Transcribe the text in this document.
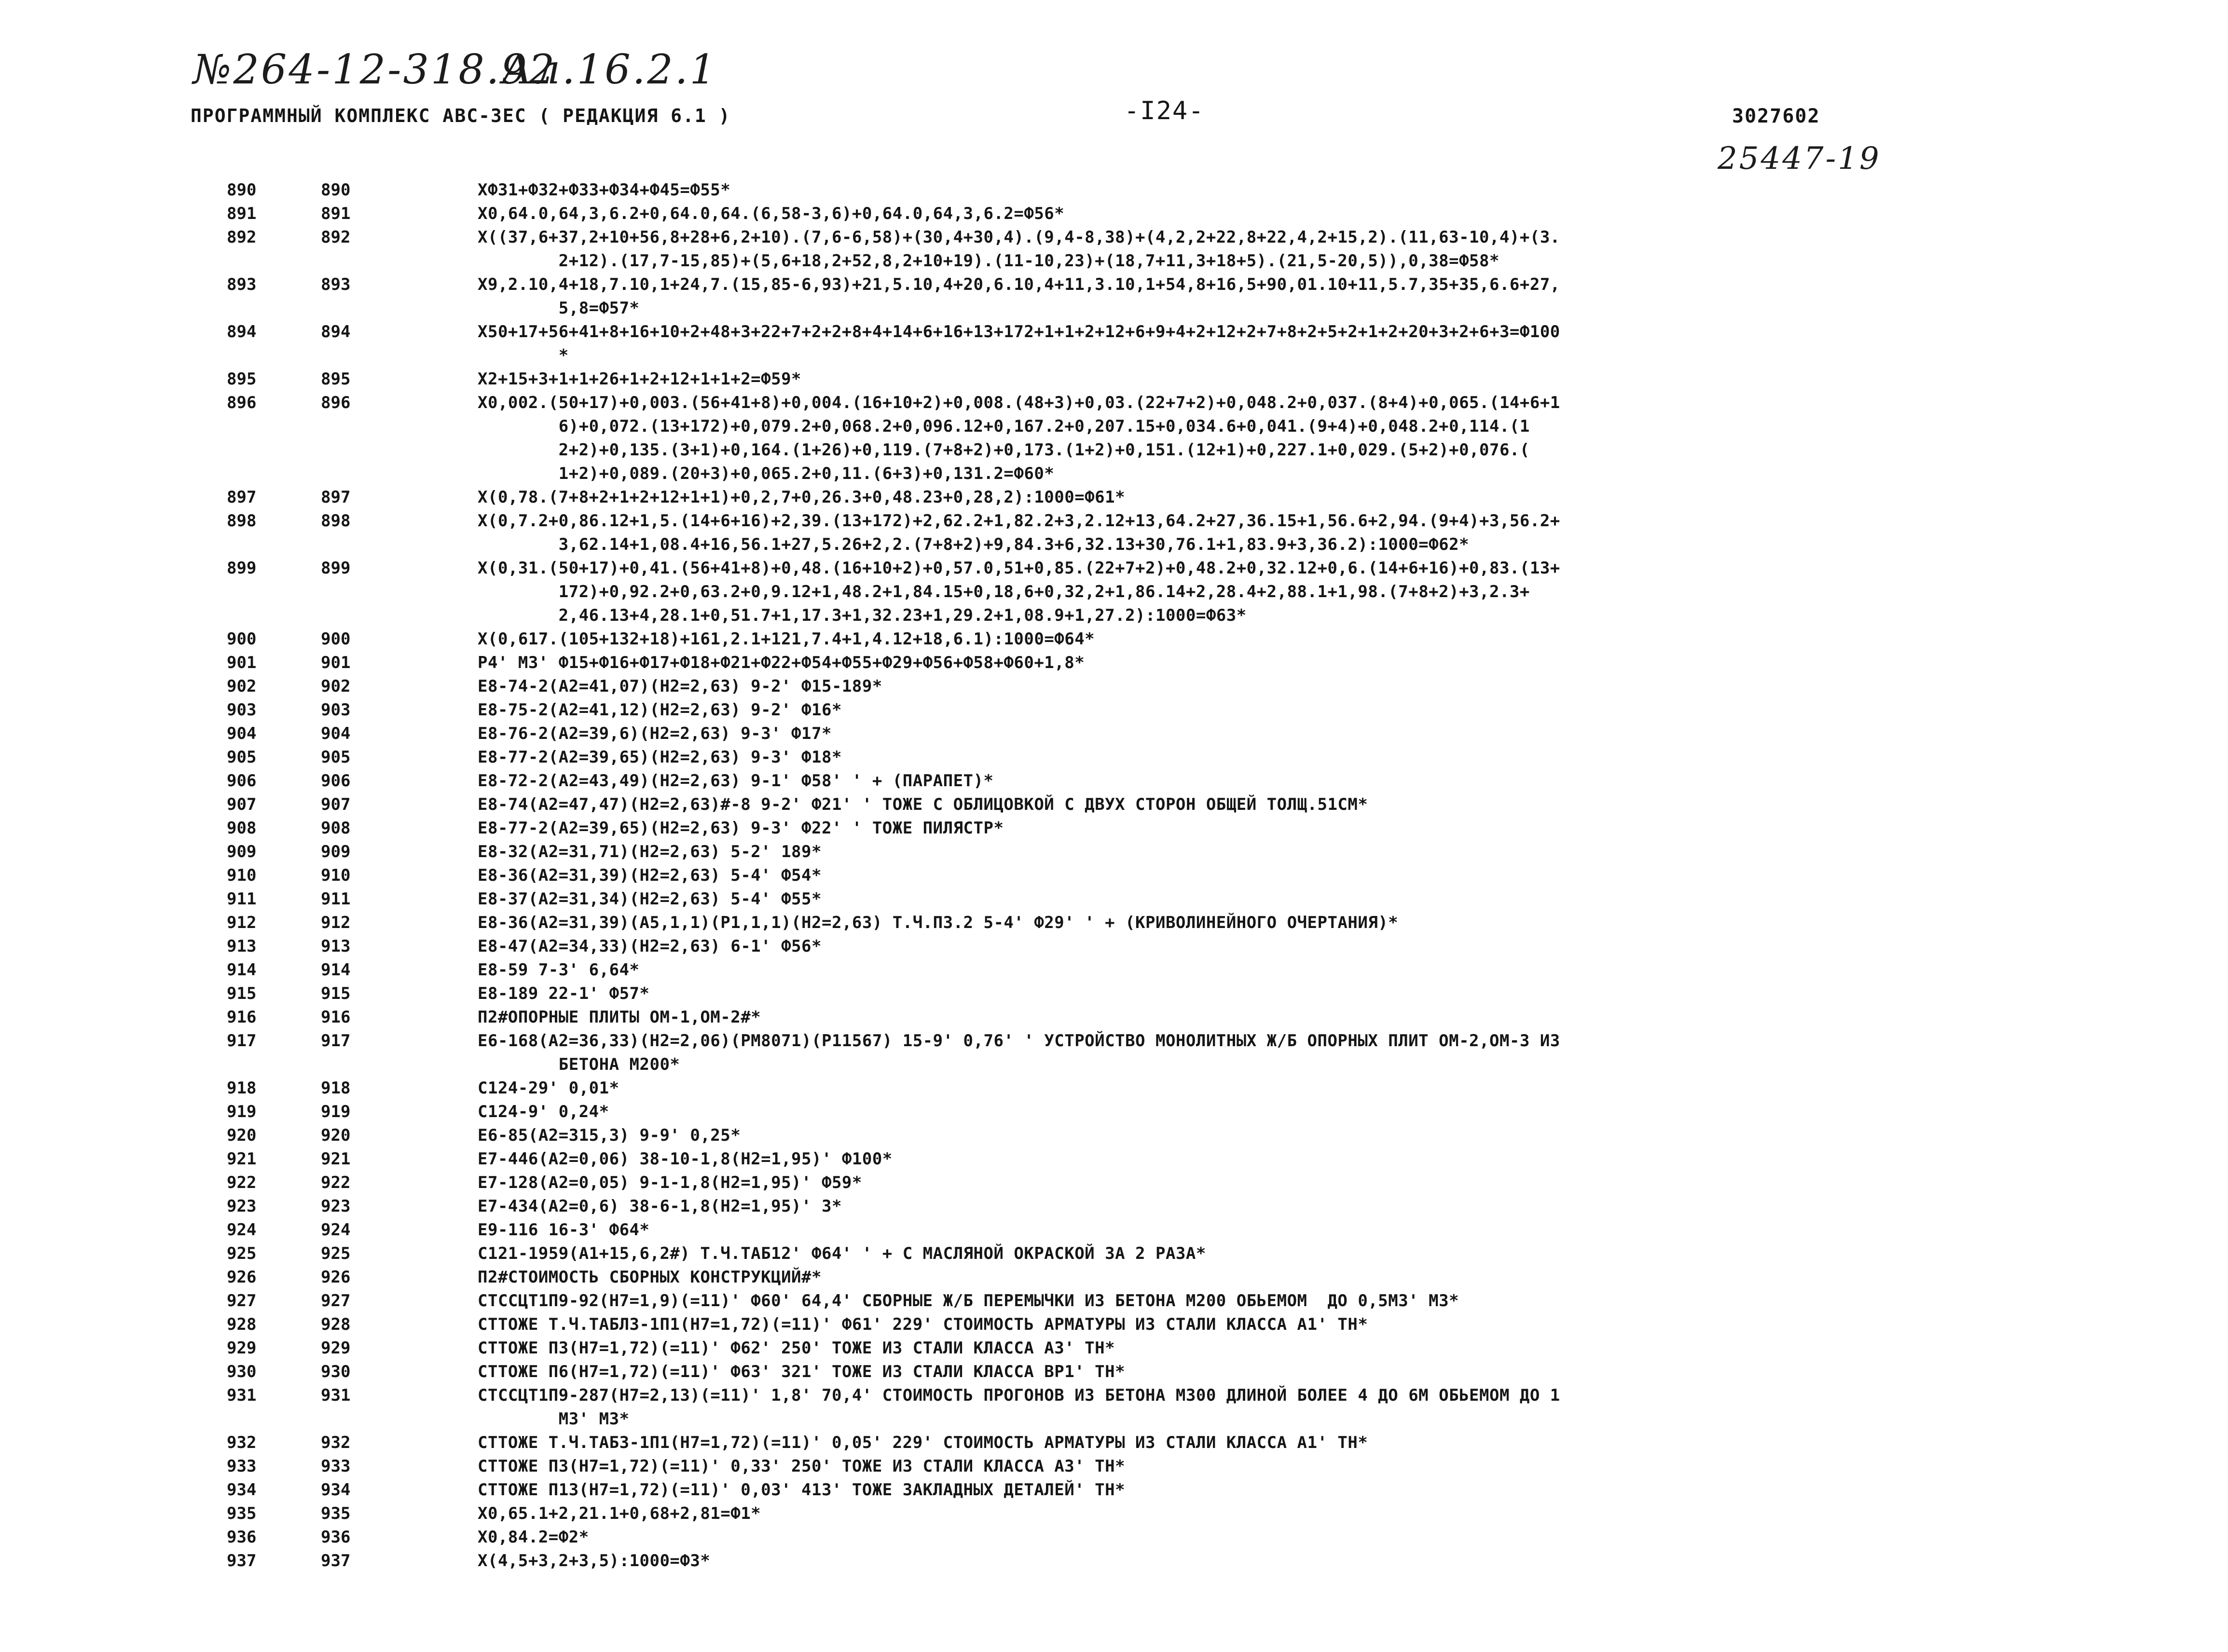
№264-12-318.92
Ал.16.2.1
ПРОГРАММНЫЙ КОМПЛЕКС АВС-ЗЕС ( РЕДАКЦИЯ 6.1 )	-I24-	3027602
25447-19
890	890	ХФ31+Ф32+Ф33+Ф34+Ф45=Ф55*
891	891	Х0,64.0,64,3,6.2+0,64.0,64.(6,58-3,6)+0,64.0,64,3,6.2=Ф56*
892	892	Х((37,6+37,2+10+56,8+28+6,2+10).(7,6-6,58)+(30,4+30,4).(9,4-8,38)+(4,2,2+22,8+22,4,2+15,2).(11,63-10,4)+(3.
2+12).(17,7-15,85)+(5,6+18,2+52,8,2+10+19).(11-10,23)+(18,7+11,3+18+5).(21,5-20,5)),0,38=Ф58*
893	893	Х9,2.10,4+18,7.10,1+24,7.(15,85-6,93)+21,5.10,4+20,6.10,4+11,3.10,1+54,8+16,5+90,01.10+11,5.7,35+35,6.6+27,
5,8=Ф57*
894	894	Х50+17+56+41+8+16+10+2+48+3+22+7+2+2+8+4+14+6+16+13+172+1+1+2+12+6+9+4+2+12+2+7+8+2+5+2+1+2+20+3+2+6+3=Ф100
*
895	895	Х2+15+3+1+1+26+1+2+12+1+1+2=Ф59*
896	896	Х0,002.(50+17)+0,003.(56+41+8)+0,004.(16+10+2)+0,008.(48+3)+0,03.(22+7+2)+0,048.2+0,037.(8+4)+0,065.(14+6+1
6)+0,072.(13+172)+0,079.2+0,068.2+0,096.12+0,167.2+0,207.15+0,034.6+0,041.(9+4)+0,048.2+0,114.(1
2+2)+0,135.(3+1)+0,164.(1+26)+0,119.(7+8+2)+0,173.(1+2)+0,151.(12+1)+0,227.1+0,029.(5+2)+0,076.(
1+2)+0,089.(20+3)+0,065.2+0,11.(6+3)+0,131.2=Ф60*
897	897	Х(0,78.(7+8+2+1+2+12+1+1)+0,2,7+0,26.3+0,48.23+0,28,2):1000=Ф61*
898	898	Х(0,7.2+0,86.12+1,5.(14+6+16)+2,39.(13+172)+2,62.2+1,82.2+3,2.12+13,64.2+27,36.15+1,56.6+2,94.(9+4)+3,56.2+
3,62.14+1,08.4+16,56.1+27,5.26+2,2.(7+8+2)+9,84.3+6,32.13+30,76.1+1,83.9+3,36.2):1000=Ф62*
899	899	Х(0,31.(50+17)+0,41.(56+41+8)+0,48.(16+10+2)+0,57.0,51+0,85.(22+7+2)+0,48.2+0,32.12+0,6.(14+6+16)+0,83.(13+
172)+0,92.2+0,63.2+0,9.12+1,48.2+1,84.15+0,18,6+0,32,2+1,86.14+2,28.4+2,88.1+1,98.(7+8+2)+3,2.3+
2,46.13+4,28.1+0,51.7+1,17.3+1,32.23+1,29.2+1,08.9+1,27.2):1000=Ф63*
900	900	Х(0,617.(105+132+18)+161,2.1+121,7.4+1,4.12+18,6.1):1000=Ф64*
901	901	Р4' М3' Ф15+Ф16+Ф17+Ф18+Ф21+Ф22+Ф54+Ф55+Ф29+Ф56+Ф58+Ф60+1,8*
902	902	Е8-74-2(А2=41,07)(Н2=2,63) 9-2' Ф15-189*
903	903	Е8-75-2(А2=41,12)(Н2=2,63) 9-2' Ф16*
904	904	Е8-76-2(А2=39,6)(Н2=2,63) 9-3' Ф17*
905	905	Е8-77-2(А2=39,65)(Н2=2,63) 9-3' Ф18*
906	906	Е8-72-2(А2=43,49)(Н2=2,63) 9-1' Ф58' ' + (ПАРАПЕТ)*
907	907	Е8-74(А2=47,47)(Н2=2,63)#-8 9-2' Ф21' ' ТОЖЕ С ОБЛИЦОВКОЙ С ДВУХ СТОРОН ОБЩЕЙ ТОЛЩ.51СМ*
908	908	Е8-77-2(А2=39,65)(Н2=2,63) 9-3' Ф22' ' ТОЖЕ ПИЛЯСТР*
909	909	Е8-32(А2=31,71)(Н2=2,63) 5-2' 189*
910	910	Е8-36(А2=31,39)(Н2=2,63) 5-4' Ф54*
911	911	Е8-37(А2=31,34)(Н2=2,63) 5-4' Ф55*
912	912	Е8-36(А2=31,39)(А5,1,1)(Р1,1,1)(Н2=2,63) Т.Ч.ПЗ.2 5-4' Ф29' ' + (КРИВОЛИНЕЙНОГО ОЧЕРТАНИЯ)*
913	913	Е8-47(А2=34,33)(Н2=2,63) 6-1' Ф56*
914	914	Е8-59 7-3' 6,64*
915	915	Е8-189 22-1' Ф57*
916	916	П2#ОПОРНЫЕ ПЛИТЫ ОМ-1,ОМ-2#*
917	917	Е6-168(А2=36,33)(Н2=2,06)(РМ8071)(Р11567) 15-9' 0,76' ' УСТРОЙСТВО МОНОЛИТНЫХ Ж/Б ОПОРНЫХ ПЛИТ ОМ-2,ОМ-3 ИЗ
БЕТОНА М200*
918	918	С124-29' 0,01*
919	919	С124-9' 0,24*
920	920	Е6-85(А2=315,3) 9-9' 0,25*
921	921	Е7-446(А2=0,06) 38-10-1,8(Н2=1,95)' Ф100*
922	922	Е7-128(А2=0,05) 9-1-1,8(Н2=1,95)' Ф59*
923	923	Е7-434(А2=0,6) 38-6-1,8(Н2=1,95)' 3*
924	924	Е9-116 16-3' Ф64*
925	925	С121-1959(А1+15,6,2#) Т.Ч.ТАБ12' Ф64' ' + С МАСЛЯНОЙ ОКРАСКОЙ ЗА 2 РАЗА*
926	926	П2#СТОИМОСТЬ СБОРНЫХ КОНСТРУКЦИЙ#*
927	927	СТССЦТ1П9-92(Н7=1,9)(=11)' Ф60' 64,4' СБОРНЫЕ Ж/Б ПЕРЕМЫЧКИ ИЗ БЕТОНА М200 ОБЬЕМОМ  ДО 0,5М3' М3*
928	928	СТТОЖЕ Т.Ч.ТАБЛ3-1П1(Н7=1,72)(=11)' Ф61' 229' СТОИМОСТЬ АРМАТУРЫ ИЗ СТАЛИ КЛАССА А1' ТН*
929	929	СТТОЖЕ П3(Н7=1,72)(=11)' Ф62' 250' ТОЖЕ ИЗ СТАЛИ КЛАССА А3' ТН*
930	930	СТТОЖЕ П6(Н7=1,72)(=11)' Ф63' 321' ТОЖЕ ИЗ СТАЛИ КЛАССА ВР1' ТН*
931	931	СТССЦТ1П9-287(Н7=2,13)(=11)' 1,8' 70,4' СТОИМОСТЬ ПРОГОНОВ ИЗ БЕТОНА М300 ДЛИНОЙ БОЛЕЕ 4 ДО 6М ОБЬЕМОМ ДО 1
М3' М3*
932	932	СТТОЖЕ Т.Ч.ТАБ3-1П1(Н7=1,72)(=11)' 0,05' 229' СТОИМОСТЬ АРМАТУРЫ ИЗ СТАЛИ КЛАССА А1' ТН*
933	933	СТТОЖЕ П3(Н7=1,72)(=11)' 0,33' 250' ТОЖЕ ИЗ СТАЛИ КЛАССА А3' ТН*
934	934	СТТОЖЕ П13(Н7=1,72)(=11)' 0,03' 413' ТОЖЕ ЗАКЛАДНЫХ ДЕТАЛЕЙ' ТН*
935	935	Х0,65.1+2,21.1+0,68+2,81=Ф1*
936	936	Х0,84.2=Ф2*
937	937	Х(4,5+3,2+3,5):1000=Ф3*
